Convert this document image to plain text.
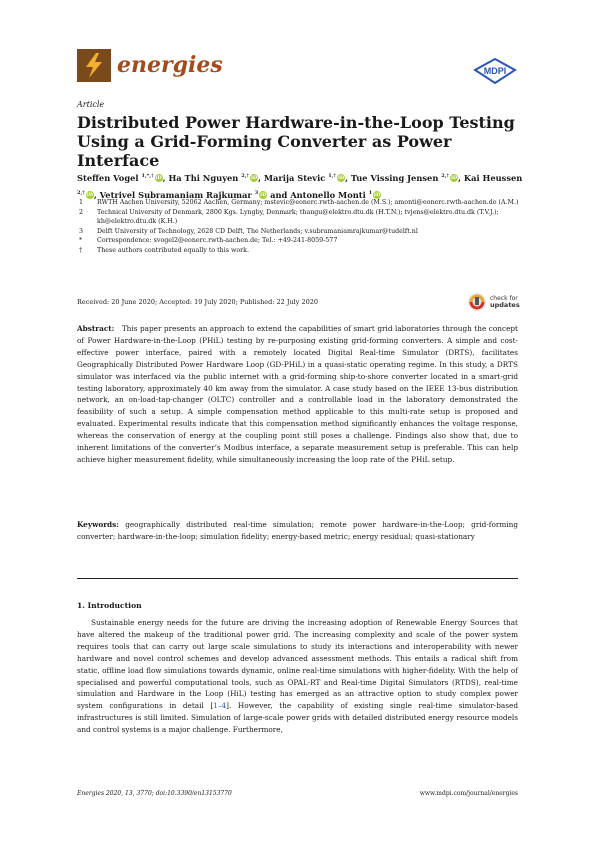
energies	MDPI
Article
Distributed Power Hardware-in-the-Loop Testing Using a Grid-Forming Converter as Power Interface
Steffen Vogel $^{1,*,\dagger}$ iD, Ha Thi Nguyen $^{2,\dagger}$ iD, Marija Stevic $^{1,\dagger}$ iD, Tue Vissing Jensen $^{2,\dagger}$ iD, Kai Heussen $^{2,\dagger}$ iD, Vetrivel Subramaniam Rajkumar $^3$ iD and Antonello Monti $^1$ iD
1	RWTH Aachen University, 52062 Aachen, Germany; mstevic@eonerc.rwth-aachen.de (M.S.); amonti@eonerc.rwth-aachen.de (A.M.)
2	Technical University of Denmark, 2800 Kgs. Lyngby, Denmark; thangu@elektro.dtu.dk (H.T.N.); tvjens@elektro.dtu.dk (T.V.J.); kh@elektro.dtu.dk (K.H.)
3	Delft University of Technology, 2628 CD Delft, The Netherlands; v.subramaniamrajkumar@tudelft.nl
*	Correspondence: svogel2@eonerc.rwth-aachen.de; Tel.: +49-241-8059-577
†	These authors contributed equally to this work.
Received: 20 June 2020; Accepted: 19 July 2020; Published: 22 July 2020	check for
updates
Abstract: This paper presents an approach to extend the capabilities of smart grid laboratories through the concept of Power Hardware-in-the-Loop (PHiL) testing by re-purposing existing grid-forming converters. A simple and cost-effective power interface, paired with a remotely located Digital Real-time Simulator (DRTS), facilitates Geographically Distributed Power Hardware Loop (GD-PHiL) in a quasi-static operating regime. In this study, a DRTS simulator was interfaced via the public internet with a grid-forming ship-to-shore converter located in a smart-grid testing laboratory, approximately 40 km away from the simulator. A case study based on the IEEE 13-bus distribution network, an on-load-tap-changer (OLTC) controller and a controllable load in the laboratory demonstrated the feasibility of such a setup. A simple compensation method applicable to this multi-rate setup is proposed and evaluated. Experimental results indicate that this compensation method significantly enhances the voltage response, whereas the conservation of energy at the coupling point still poses a challenge. Findings also show that, due to inherent limitations of the converter’s Modbus interface, a separate measurement setup is preferable. This can help achieve higher measurement fidelity, while simultaneously increasing the loop rate of the PHiL setup.
Keywords: geographically distributed real-time simulation; remote power hardware-in-the-Loop; grid-forming converter; hardware-in-the-loop; simulation fidelity; energy-based metric; energy residual; quasi-stationary
1. Introduction
Sustainable energy needs for the future are driving the increasing adoption of Renewable Energy Sources that have altered the makeup of the traditional power grid. The increasing complexity and scale of the power system requires tools that can carry out large scale simulations to study its interactions and interoperability with newer hardware and novel control schemes and develop advanced assessment methods. This entails a radical shift from static, offline load flow simulations towards dynamic, online real-time simulations with higher-fidelity. With the help of specialised and powerful computational tools, such as OPAL-RT and Real-time Digital Simulators (RTDS), real-time simulation and Hardware in the Loop (HiL) testing has emerged as an attractive option to study complex power system configurations in detail [1–4]. However, the capability of existing single real-time simulator-based infrastructures is still limited. Simulation of large-scale power grids with detailed distributed energy resource models and control systems is a major challenge. Furthermore,
Energies 2020, 13, 3770; doi:10.3390/en13153770	www.mdpi.com/journal/energies
